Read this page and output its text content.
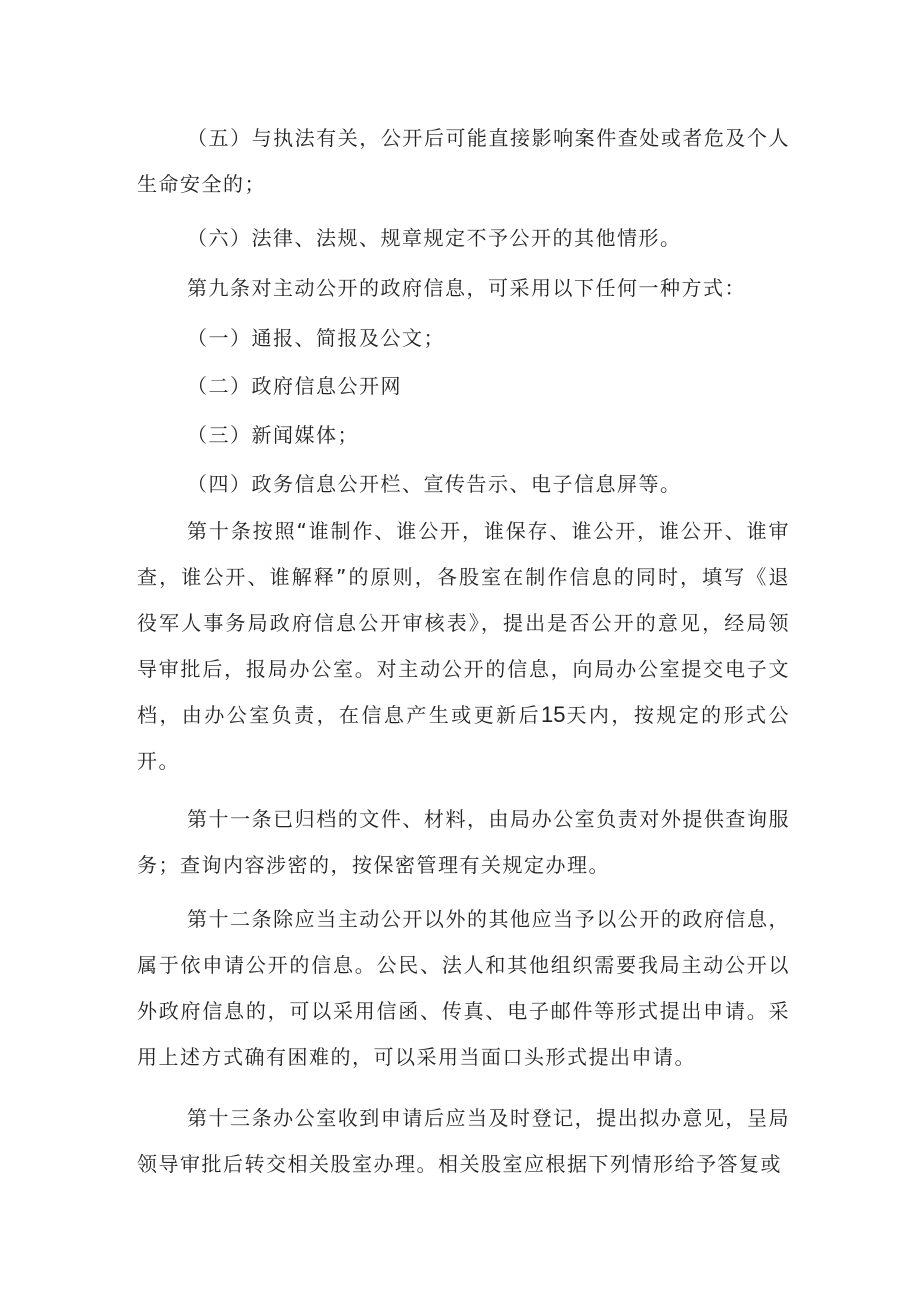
（五）与执法有关，公开后可能直接影响案件查处或者危及个人生命安全的；

（六）法律、法规、规章规定不予公开的其他情形。

第九条对主动公开的政府信息，可采用以下任何一种方式：

（一）通报、简报及公文；

（二）政府信息公开网

（三）新闻媒体；

（四）政务信息公开栏、宣传告示、电子信息屏等。

第十条按照“谁制作、谁公开，谁保存、谁公开，谁公开、谁审查，谁公开、谁解释”的原则，各股室在制作信息的同时，填写《退役军人事务局政府信息公开审核表》，提出是否公开的意见，经局领导审批后，报局办公室。对主动公开的信息，向局办公室提交电子文档，由办公室负责，在信息产生或更新后15天内，按规定的形式公开。

第十一条已归档的文件、材料，由局办公室负责对外提供查询服务；查询内容涉密的，按保密管理有关规定办理。

第十二条除应当主动公开以外的其他应当予以公开的政府信息，属于依申请公开的信息。公民、法人和其他组织需要我局主动公开以外政府信息的，可以采用信函、传真、电子邮件等形式提出申请。采用上述方式确有困难的，可以采用当面口头形式提出申请。

第十三条办公室收到申请后应当及时登记，提出拟办意见，呈局领导审批后转交相关股室办理。相关股室应根据下列情形给予答复或
